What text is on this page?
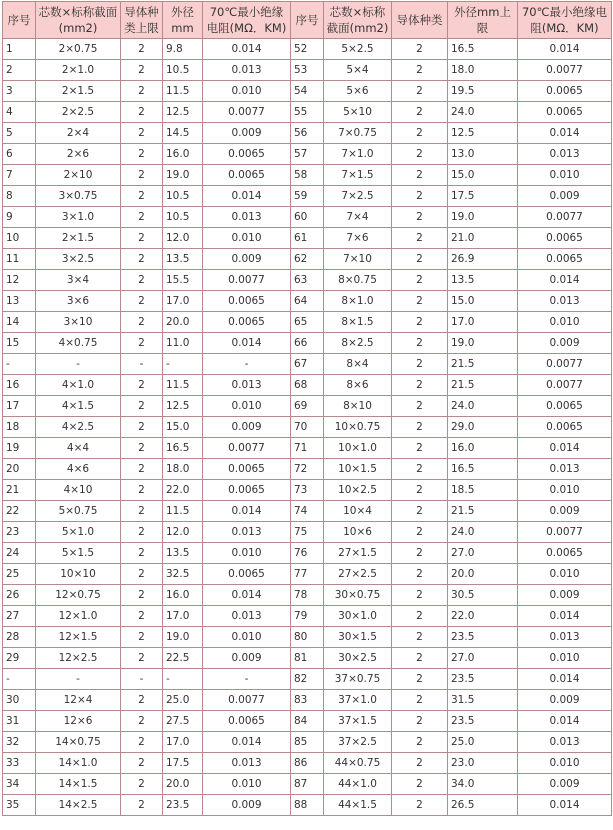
序号	芯数×标称截面(mm2)	导体种类上限	外径mm	70℃最小绝缘电阻(MΩ．KM)	序号	芯数×标称截面(mm2)	导体种类	外径mm上限	70℃最小绝缘电阻(MΩ．KM)
1	2×0.75	2	9.8	0.014	52	5×2.5	2	16.5	0.014
2	2×1.0	2	10.5	0.013	53	5×4	2	18.0	0.0077
3	2×1.5	2	11.5	0.010	54	5×6	2	19.5	0.0065
4	2×2.5	2	12.5	0.0077	55	5×10	2	24.0	0.0065
5	2×4	2	14.5	0.009	56	7×0.75	2	12.5	0.014
6	2×6	2	16.0	0.0065	57	7×1.0	2	13.0	0.013
7	2×10	2	19.0	0.0065	58	7×1.5	2	15.0	0.010
8	3×0.75	2	10.5	0.014	59	7×2.5	2	17.5	0.009
9	3×1.0	2	10.5	0.013	60	7×4	2	19.0	0.0077
10	2×1.5	2	12.0	0.010	61	7×6	2	21.0	0.0065
11	3×2.5	2	13.5	0.009	62	7×10	2	26.9	0.0065
12	3×4	2	15.5	0.0077	63	8×0.75	2	13.5	0.014
13	3×6	2	17.0	0.0065	64	8×1.0	2	15.0	0.013
14	3×10	2	20.0	0.0065	65	8×1.5	2	17.0	0.010
15	4×0.75	2	11.0	0.014	66	8×2.5	2	19.0	0.009
-	-	-	-	-	67	8×4	2	21.5	0.0077
16	4×1.0	2	11.5	0.013	68	8×6	2	21.5	0.0077
17	4×1.5	2	12.5	0.010	69	8×10	2	24.0	0.0065
18	4×2.5	2	15.0	0.009	70	10×0.75	2	29.0	0.0065
19	4×4	2	16.5	0.0077	71	10×1.0	2	16.0	0.014
20	4×6	2	18.0	0.0065	72	10×1.5	2	16.5	0.013
21	4×10	2	22.0	0.0065	73	10×2.5	2	18.5	0.010
22	5×0.75	2	11.5	0.014	74	10×4	2	21.5	0.009
23	5×1.0	2	12.0	0.013	75	10×6	2	24.0	0.0077
24	5×1.5	2	13.5	0.010	76	27×1.5	2	27.0	0.0065
25	10×10	2	32.5	0.0065	77	27×2.5	2	20.0	0.010
26	12×0.75	2	16.0	0.014	78	30×0.75	2	30.5	0.009
27	12×1.0	2	17.0	0.013	79	30×1.0	2	22.0	0.014
28	12×1.5	2	19.0	0.010	80	30×1.5	2	23.5	0.013
29	12×2.5	2	22.5	0.009	81	30×2.5	2	27.0	0.010
-	-	-	-	-	82	37×0.75	2	23.5	0.014
30	12×4	2	25.0	0.0077	83	37×1.0	2	31.5	0.009
31	12×6	2	27.5	0.0065	84	37×1.5	2	23.5	0.014
32	14×0.75	2	17.0	0.014	85	37×2.5	2	25.0	0.013
33	14×1.0	2	17.5	0.013	86	44×0.75	2	23.0	0.010
34	14×1.5	2	20.0	0.010	87	44×1.0	2	34.0	0.009
35	14×2.5	2	23.5	0.009	88	44×1.5	2	26.5	0.014
